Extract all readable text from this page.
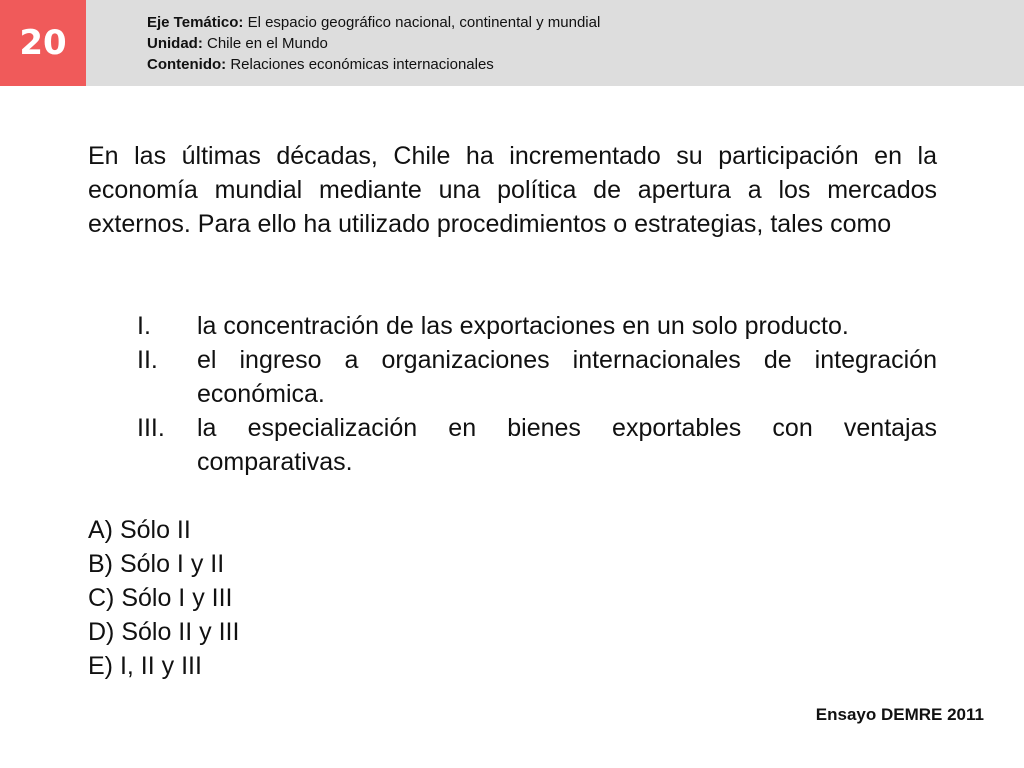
20
Eje Temático: El espacio geográfico nacional, continental y mundial
Unidad: Chile en el Mundo
Contenido: Relaciones económicas internacionales
En las últimas décadas, Chile ha incrementado su participación en la economía mundial mediante una política de apertura a los mercados externos. Para ello ha utilizado procedimientos o estrategias, tales como
I.	la concentración de las exportaciones en un solo producto.
II.	el ingreso a organizaciones internacionales de integración económica.
III.	la especialización en bienes exportables con ventajas comparativas.
A) Sólo II
B) Sólo I y II
C) Sólo I y III
D) Sólo II y III
E) I, II y III
Ensayo DEMRE 2011
